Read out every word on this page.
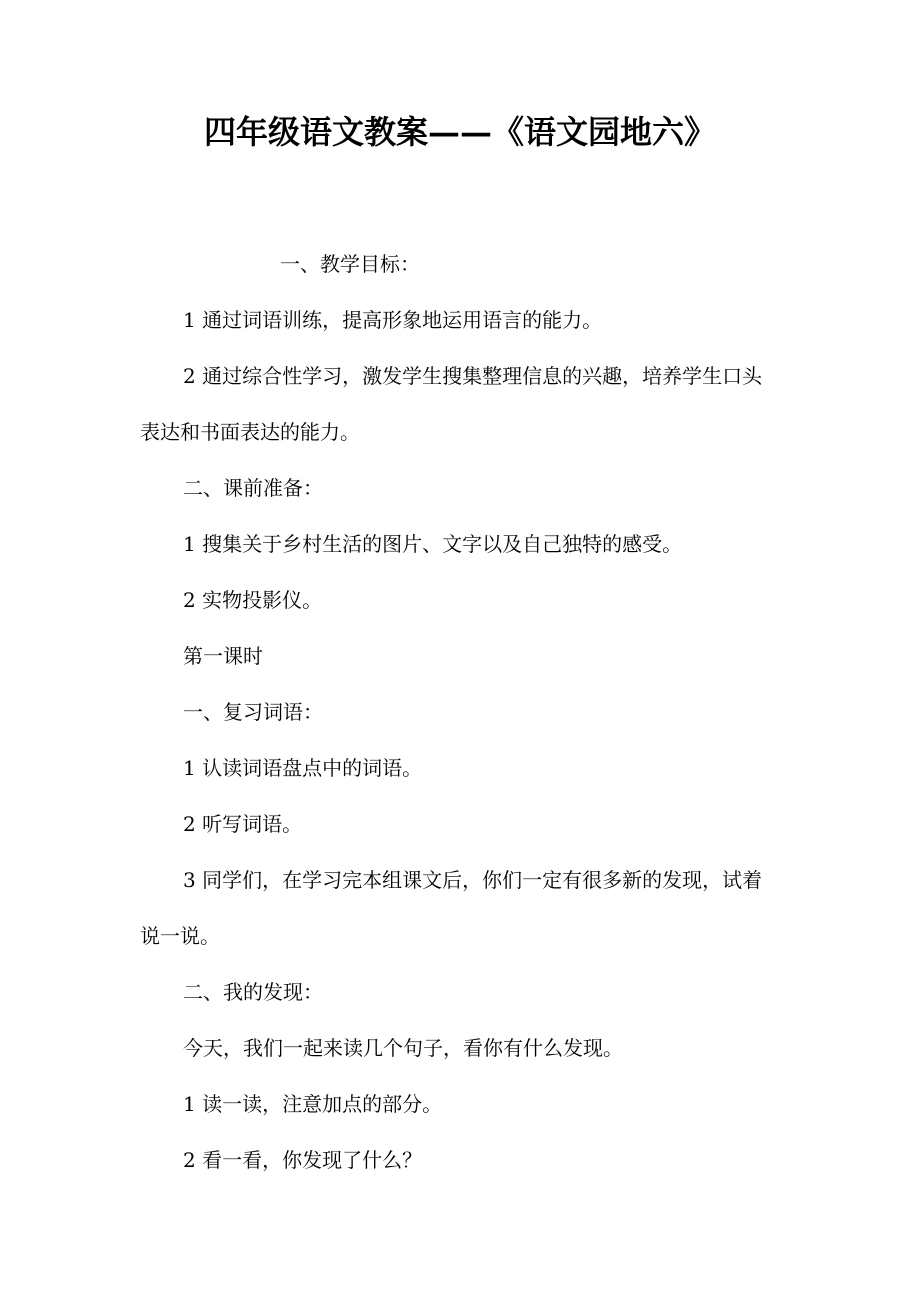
四年级语文教案——《语文园地六》
一、教学目标：
1 通过词语训练，提高形象地运用语言的能力。
2 通过综合性学习，激发学生搜集整理信息的兴趣，培养学生口头表达和书面表达的能力。
二、课前准备：
1 搜集关于乡村生活的图片、文字以及自己独特的感受。
2 实物投影仪。
第一课时
一、复习词语：
1 认读词语盘点中的词语。
2 听写词语。
3 同学们，在学习完本组课文后，你们一定有很多新的发现，试着说一说。
二、我的发现：
今天，我们一起来读几个句子，看你有什么发现。
1 读一读，注意加点的部分。
2 看一看，你发现了什么？
